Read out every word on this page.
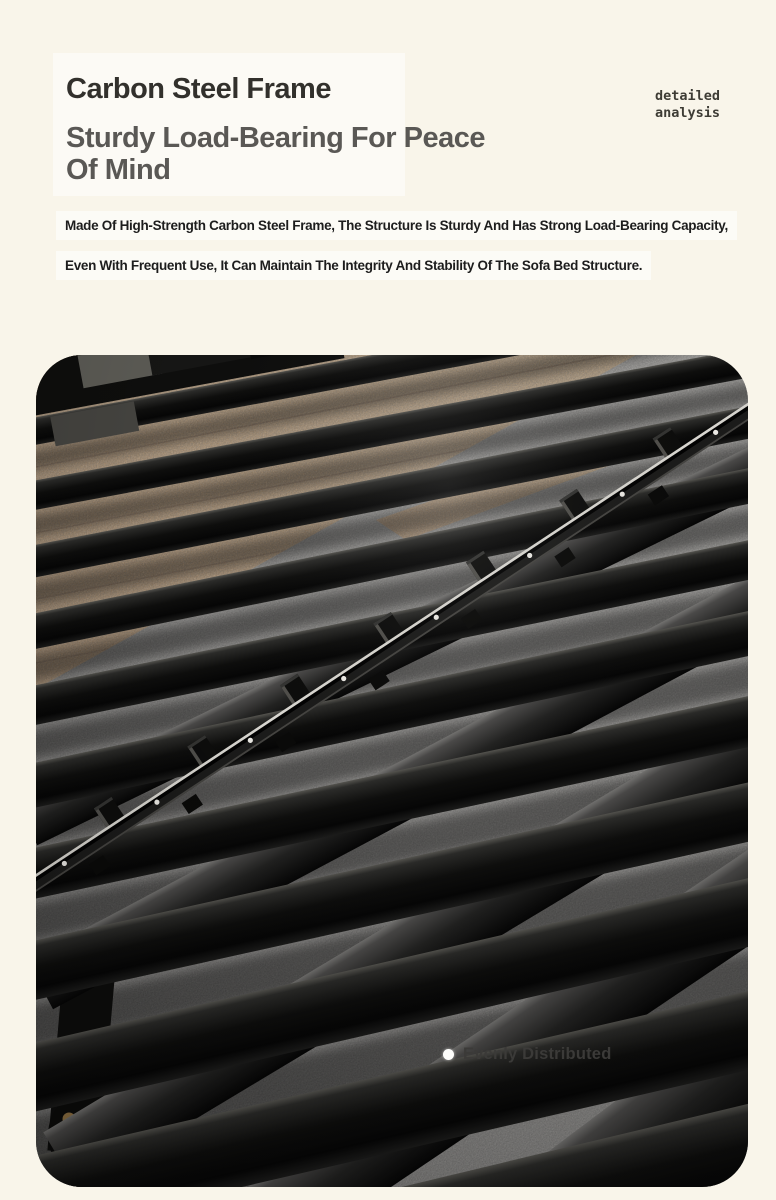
Carbon Steel Frame	detailed
analysis
Sturdy Load-Bearing For Peace
Of Mind

Made Of High-Strength Carbon Steel Frame, The Structure Is Sturdy And Has Strong Load-Bearing Capacity,

Even With Frequent Use, It Can Maintain The Integrity And Stability Of The Sofa Bed Structure.

Evenly Distributed
